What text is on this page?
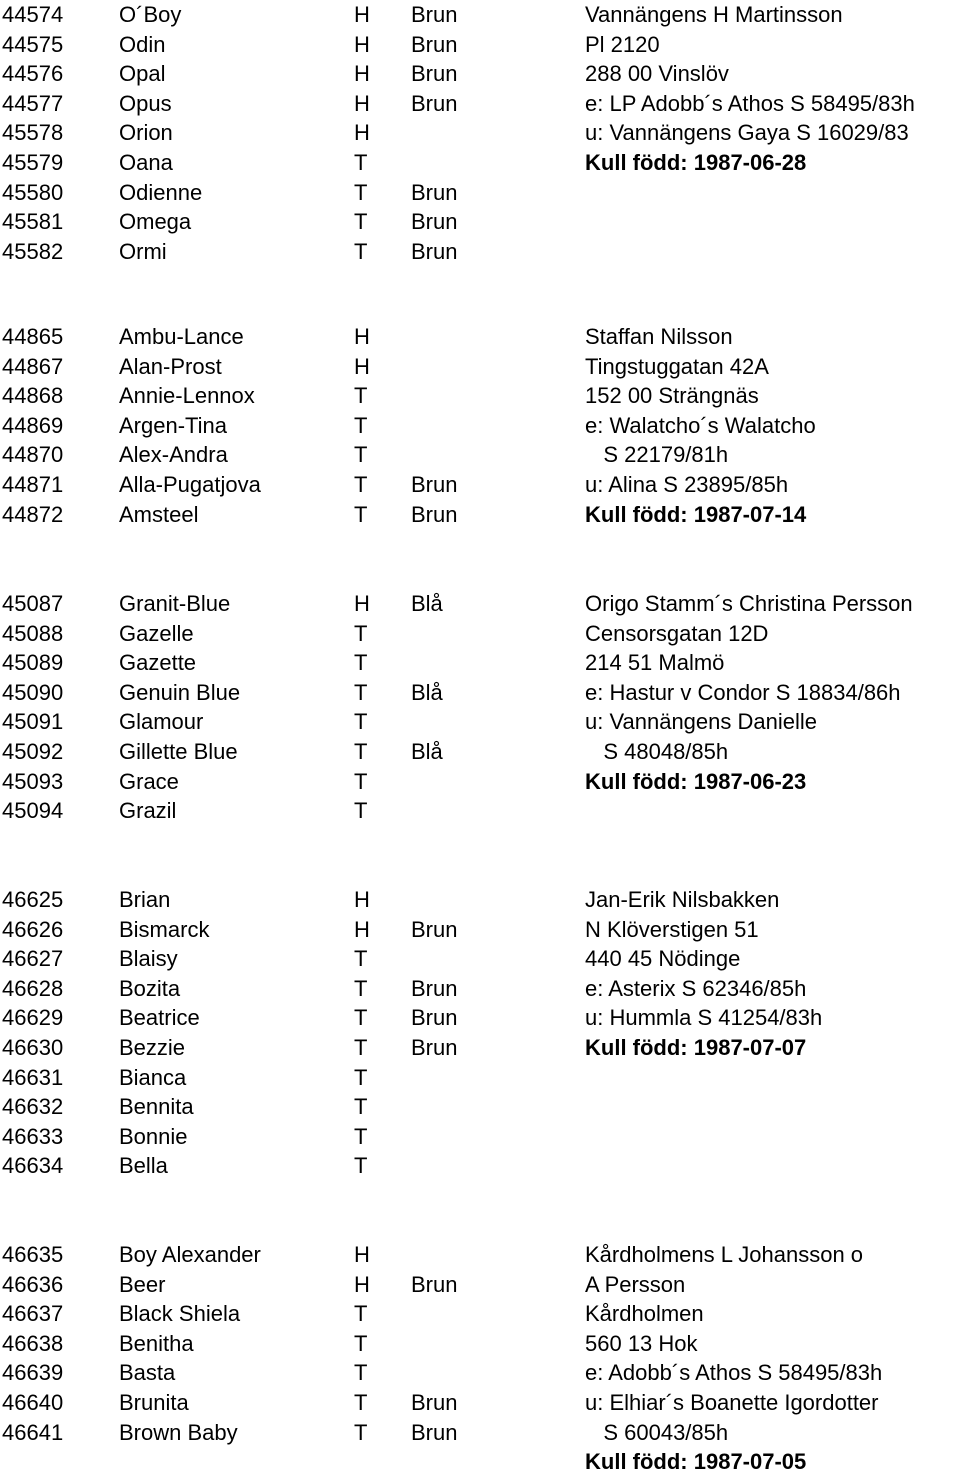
44574	O´Boy	H Brun	Vannängens H Martinsson
44575	Odin	H Brun	Pl 2120
44576	Opal	H Brun	288 00 Vinslöv
44577	Opus	H Brun	e: LP Adobb´s Athos S 58495/83h
45578	Orion	H	u: Vannängens Gaya S 16029/83
45579	Oana	T	Kull född: 1987-06-28
45580	Odienne	T Brun
45581	Omega	T Brun
45582	Ormi	T Brun
44865	Ambu-Lance	H	Staffan Nilsson
44867	Alan-Prost	H	Tingstuggatan 42A
44868	Annie-Lennox	T	152 00 Strängnäs
44869	Argen-Tina	T	e: Walatcho´s Walatcho
44870	Alex-Andra	T	S 22179/81h
44871	Alla-Pugatjova	T Brun	u: Alina S 23895/85h
44872	Amsteel	T Brun	Kull född: 1987-07-14
45087	Granit-Blue	H Blå	Origo Stamm´s Christina Persson
45088	Gazelle	T	Censorsgatan 12D
45089	Gazette	T	214 51 Malmö
45090	Genuin Blue	T Blå	e: Hastur v Condor S 18834/86h
45091	Glamour	T	u: Vannängens Danielle
45092	Gillette Blue	T Blå	S 48048/85h
45093	Grace	T	Kull född: 1987-06-23
45094	Grazil	T
46625	Brian	H	Jan-Erik Nilsbakken
46626	Bismarck	H Brun	N Klöverstigen 51
46627	Blaisy	T	440 45 Nödinge
46628	Bozita	T Brun	e: Asterix S 62346/85h
46629	Beatrice	T Brun	u: Hummla S 41254/83h
46630	Bezzie	T Brun	Kull född: 1987-07-07
46631	Bianca	T
46632	Bennita	T
46633	Bonnie	T
46634	Bella	T
46635	Boy Alexander	H	Kårdholmens L Johansson o
46636	Beer	H Brun	A Persson
46637	Black Shiela	T	Kårdholmen
46638	Benitha	T	560 13 Hok
46639	Basta	T	e: Adobb´s Athos S 58495/83h
46640	Brunita	T Brun	u: Elhiar´s Boanette Igordotter
46641	Brown Baby	T Brun	S 60043/85h
Kull född: 1987-07-05
